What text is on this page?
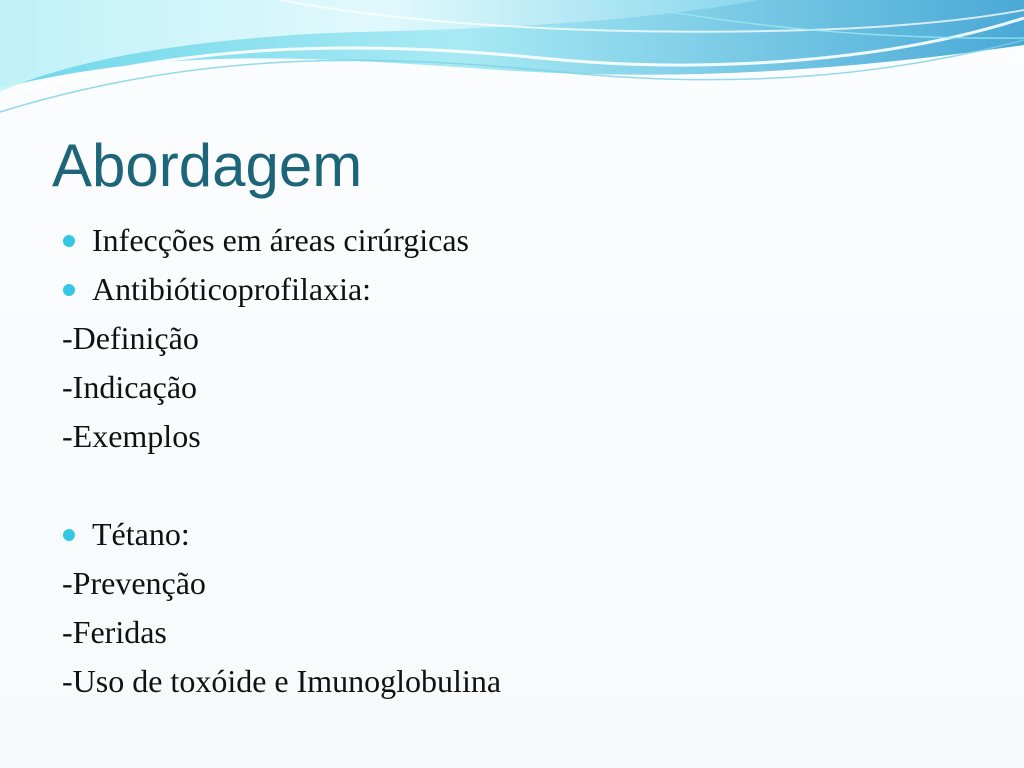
Abordagem
Infecções em áreas cirúrgicas
Antibióticoprofilaxia:
-Definição
-Indicação
-Exemplos
Tétano:
-Prevenção
-Feridas
-Uso de toxóide e Imunoglobulina
